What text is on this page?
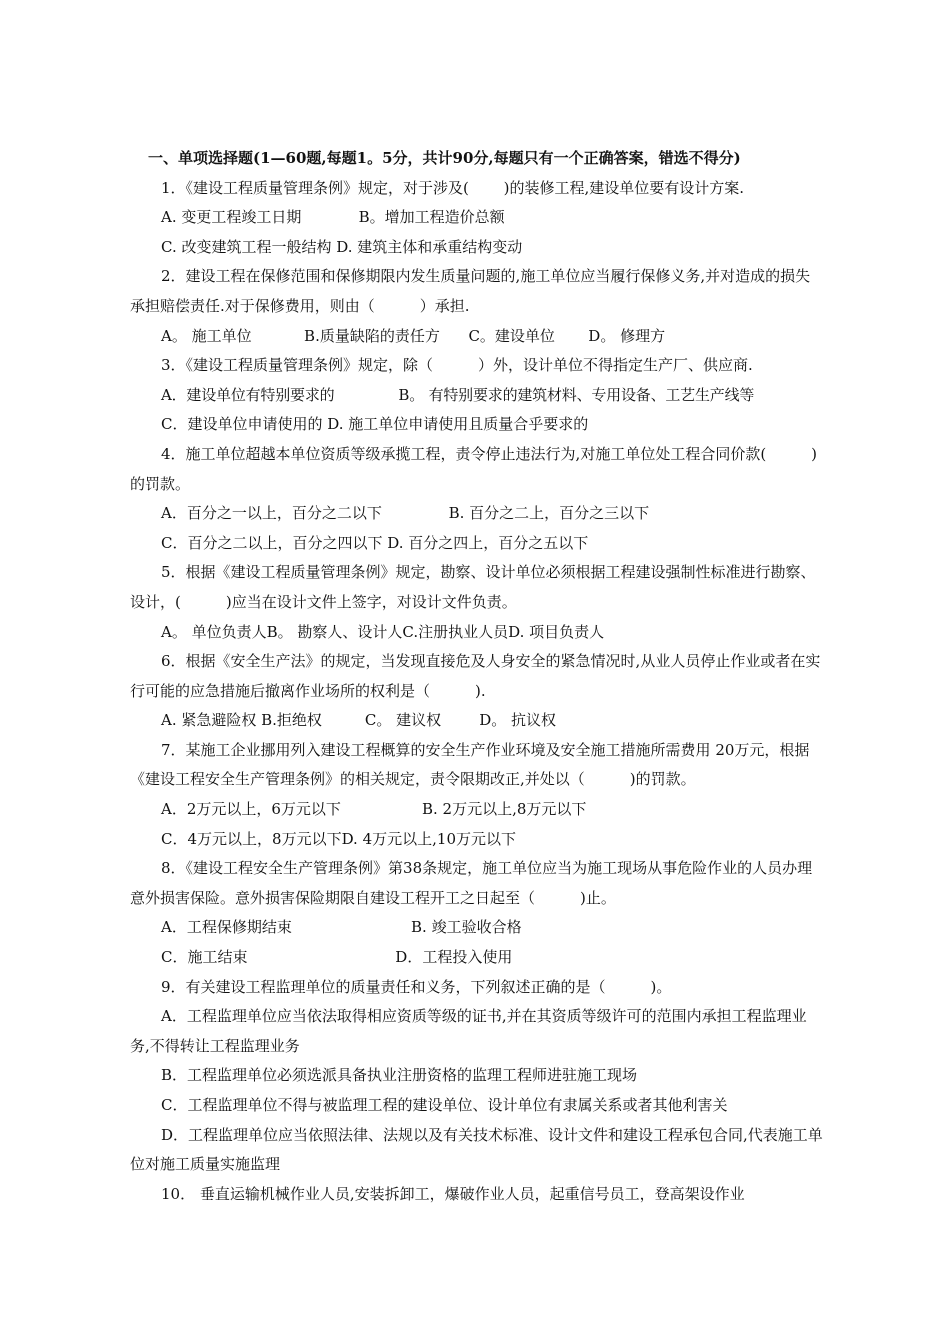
一、单项选择题(1—60题,每题1。5分，共计90分,每题只有一个正确答案，错选不得分)

1．《建设工程质量管理条例》规定，对于涉及(　　 )的装修工程,建设单位要有设计方案.

A. 变更工程竣工日期            B。增加工程造价总额

C. 改变建筑工程一般结构 D. 建筑主体和承重结构变动

2．建设工程在保修范围和保修期限内发生质量问题的,施工单位应当履行保修义务,并对造成的损失承担赔偿责任.对于保修费用，则由（　　　）承担.

A。 施工单位           B.质量缺陷的责任方      C。建设单位       D。 修理方

3．《建设工程质量管理条例》规定，除（　　　）外，设计单位不得指定生产厂、供应商.

A．建设单位有特别要求的              B。 有特别要求的建筑材料、专用设备、工艺生产线等

C．建设单位申请使用的 D. 施工单位申请使用且质量合乎要求的

4．施工单位超越本单位资质等级承揽工程，责令停止违法行为,对施工单位处工程合同价款(　　　)的罚款。

A．百分之一以上，百分之二以下              B. 百分之二上，百分之三以下

C．百分之二以上，百分之四以下 D. 百分之四上，百分之五以下

5．根据《建设工程质量管理条例》规定，勘察、设计单位必须根据工程建设强制性标准进行勘察、设计，(　　　)应当在设计文件上签字，对设计文件负责。

A。 单位负责人B。 勘察人、设计人C.注册执业人员D. 项目负责人

6．根据《安全生产法》的规定，当发现直接危及人身安全的紧急情况时,从业人员停止作业或者在实行可能的应急措施后撤离作业场所的权利是（　　　).

A. 紧急避险权 B.拒绝权         C。 建议权        D。 抗议权

7．某施工企业挪用列入建设工程概算的安全生产作业环境及安全施工措施所需费用 20万元，根据《建设工程安全生产管理条例》的相关规定，责令限期改正,并处以（　　　)的罚款。

A．2万元以上，6万元以下                 B. 2万元以上,8万元以下

C．4万元以上，8万元以下D. 4万元以上,10万元以下

8．《建设工程安全生产管理条例》第38条规定，施工单位应当为施工现场从事危险作业的人员办理意外损害保险。意外损害保险期限自建设工程开工之日起至（　　　)止。

A．工程保修期结束                         B. 竣工验收合格

C．施工结束                               D．工程投入使用

9．有关建设工程监理单位的质量责任和义务，下列叙述正确的是（　　　)。

A．工程监理单位应当依法取得相应资质等级的证书,并在其资质等级许可的范围内承担工程监理业务,不得转让工程监理业务

B．工程监理单位必须选派具备执业注册资格的监理工程师进驻施工现场

C．工程监理单位不得与被监理工程的建设单位、设计单位有隶属关系或者其他利害关

D．工程监理单位应当依照法律、法规以及有关技术标准、设计文件和建设工程承包合同,代表施工单位对施工质量实施监理

10． 垂直运输机械作业人员,安装拆卸工，爆破作业人员，起重信号员工，登高架设作业
